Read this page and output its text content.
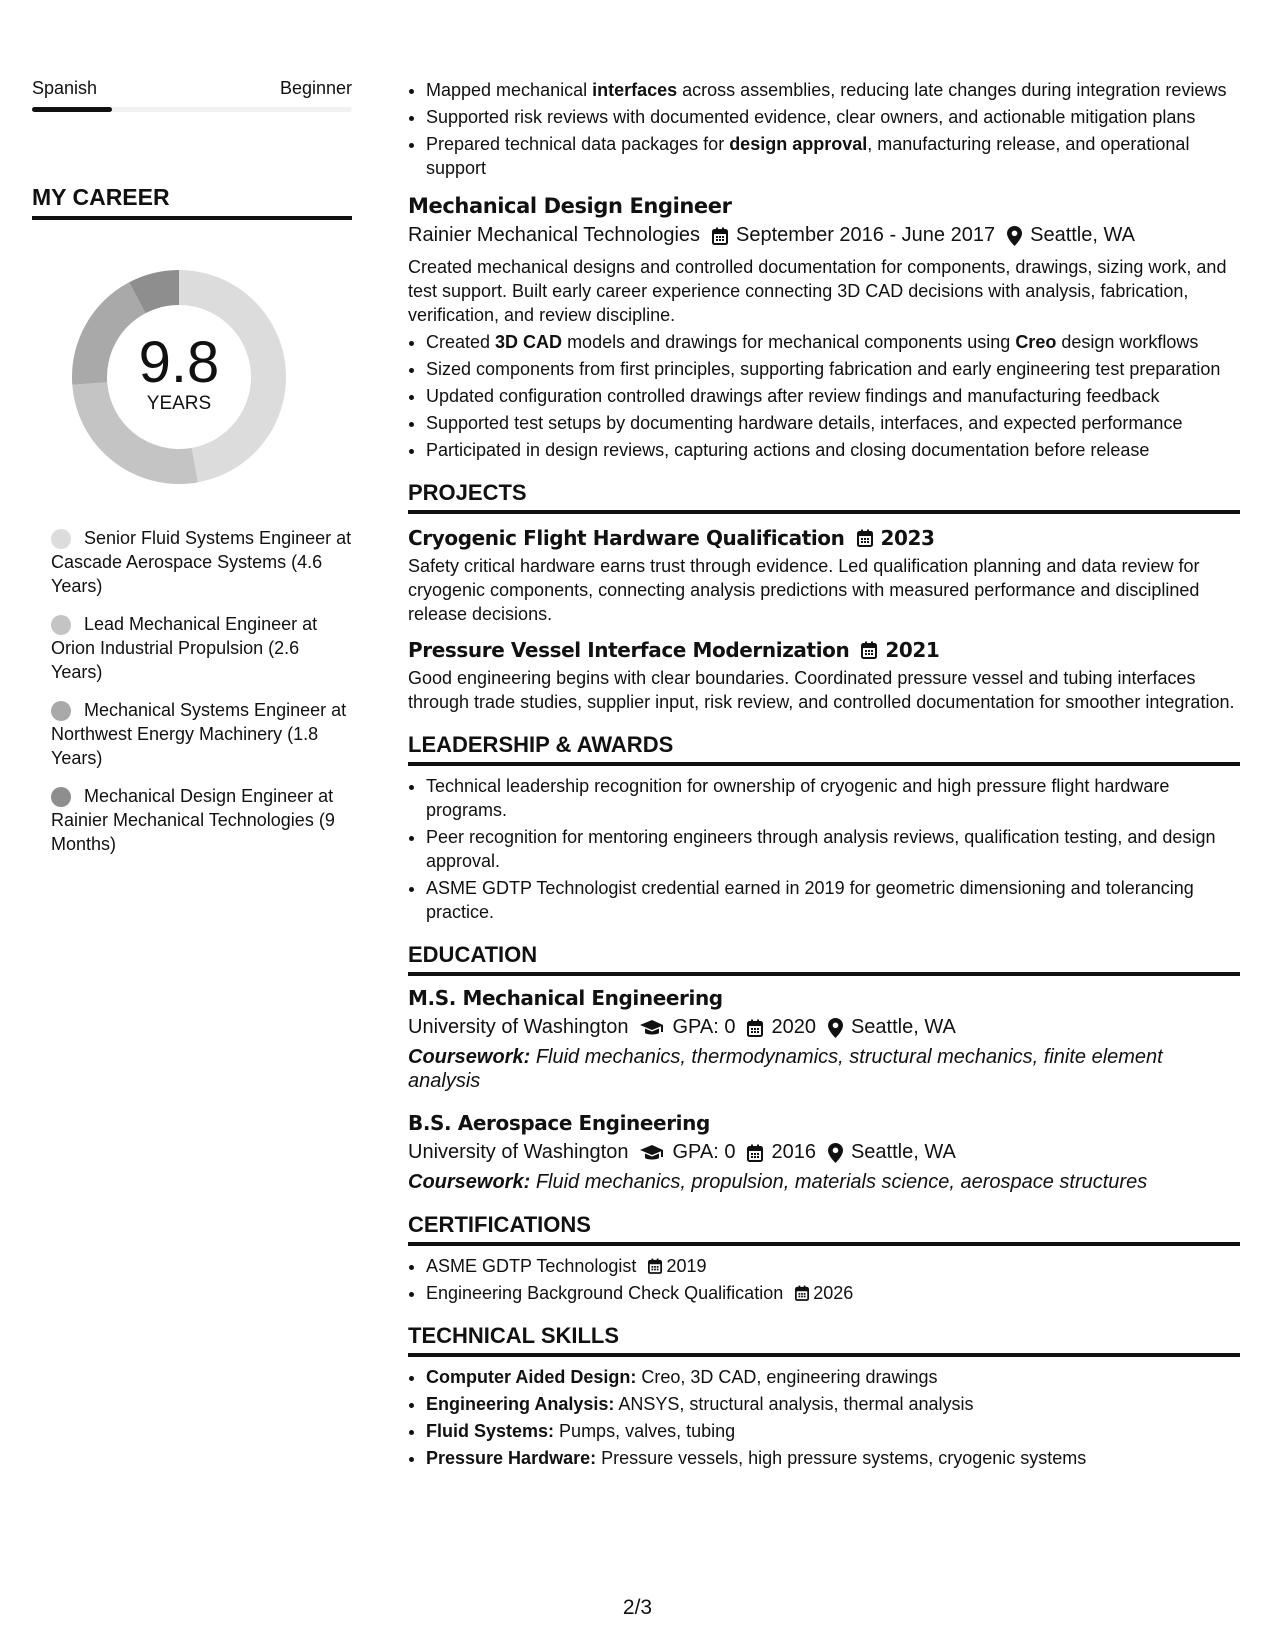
Spanish	Beginner
MY CAREER
9.8
YEARS
Senior Fluid Systems Engineer at Cascade Aerospace Systems (4.6 Years)
Lead Mechanical Engineer at Orion Industrial Propulsion (2.6 Years)
Mechanical Systems Engineer at Northwest Energy Machinery (1.8 Years)
Mechanical Design Engineer at Rainier Mechanical Technologies (9 Months)
• Mapped mechanical interfaces across assemblies, reducing late changes during integration reviews
• Supported risk reviews with documented evidence, clear owners, and actionable mitigation plans
• Prepared technical data packages for design approval, manufacturing release, and operational support
Mechanical Design Engineer
Rainier Mechanical Technologies September 2016 - June 2017 Seattle, WA
Created mechanical designs and controlled documentation for components, drawings, sizing work, and test support. Built early career experience connecting 3D CAD decisions with analysis, fabrication, verification, and review discipline.
• Created 3D CAD models and drawings for mechanical components using Creo design workflows
• Sized components from first principles, supporting fabrication and early engineering test preparation
• Updated configuration controlled drawings after review findings and manufacturing feedback
• Supported test setups by documenting hardware details, interfaces, and expected performance
• Participated in design reviews, capturing actions and closing documentation before release
PROJECTS
Cryogenic Flight Hardware Qualification 2023
Safety critical hardware earns trust through evidence. Led qualification planning and data review for cryogenic components, connecting analysis predictions with measured performance and disciplined release decisions.
Pressure Vessel Interface Modernization 2021
Good engineering begins with clear boundaries. Coordinated pressure vessel and tubing interfaces through trade studies, supplier input, risk review, and controlled documentation for smoother integration.
LEADERSHIP & AWARDS
• Technical leadership recognition for ownership of cryogenic and high pressure flight hardware programs.
• Peer recognition for mentoring engineers through analysis reviews, qualification testing, and design approval.
• ASME GDTP Technologist credential earned in 2019 for geometric dimensioning and tolerancing practice.
EDUCATION
M.S. Mechanical Engineering
University of Washington GPA: 0 2020 Seattle, WA
Coursework: Fluid mechanics, thermodynamics, structural mechanics, finite element analysis
B.S. Aerospace Engineering
University of Washington GPA: 0 2016 Seattle, WA
Coursework: Fluid mechanics, propulsion, materials science, aerospace structures
CERTIFICATIONS
• ASME GDTP Technologist 2019
• Engineering Background Check Qualification 2026
TECHNICAL SKILLS
• Computer Aided Design: Creo, 3D CAD, engineering drawings
• Engineering Analysis: ANSYS, structural analysis, thermal analysis
• Fluid Systems: Pumps, valves, tubing
• Pressure Hardware: Pressure vessels, high pressure systems, cryogenic systems
2/3
